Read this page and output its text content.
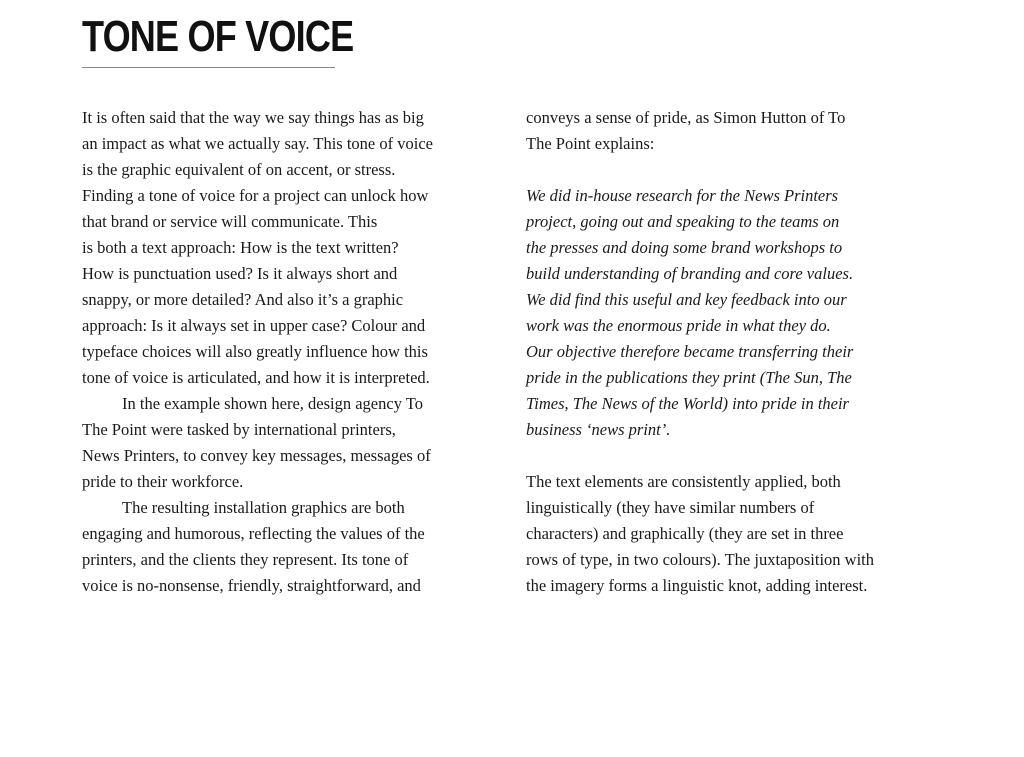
TONE OF VOICE
It is often said that the way we say things has as big
an impact as what we actually say. This tone of voice
is the graphic equivalent of on accent, or stress.
Finding a tone of voice for a project can unlock how
that brand or service will communicate. This
is both a text approach: How is the text written?
How is punctuation used? Is it always short and
snappy, or more detailed? And also it’s a graphic
approach: Is it always set in upper case? Colour and
typeface choices will also greatly influence how this
tone of voice is articulated, and how it is interpreted.
In the example shown here, design agency To
The Point were tasked by international printers,
News Printers, to convey key messages, messages of
pride to their workforce.
The resulting installation graphics are both
engaging and humorous, reflecting the values of the
printers, and the clients they represent. Its tone of
voice is no-nonsense, friendly, straightforward, and
conveys a sense of pride, as Simon Hutton of To
The Point explains:
We did in-house research for the News Printers
project, going out and speaking to the teams on
the presses and doing some brand workshops to
build understanding of branding and core values.
We did find this useful and key feedback into our
work was the enormous pride in what they do.
Our objective therefore became transferring their
pride in the publications they print (The Sun, The
Times, The News of the World) into pride in their
business ‘news print’.
The text elements are consistently applied, both
linguistically (they have similar numbers of
characters) and graphically (they are set in three
rows of type, in two colours). The juxtaposition with
the imagery forms a linguistic knot, adding interest.
